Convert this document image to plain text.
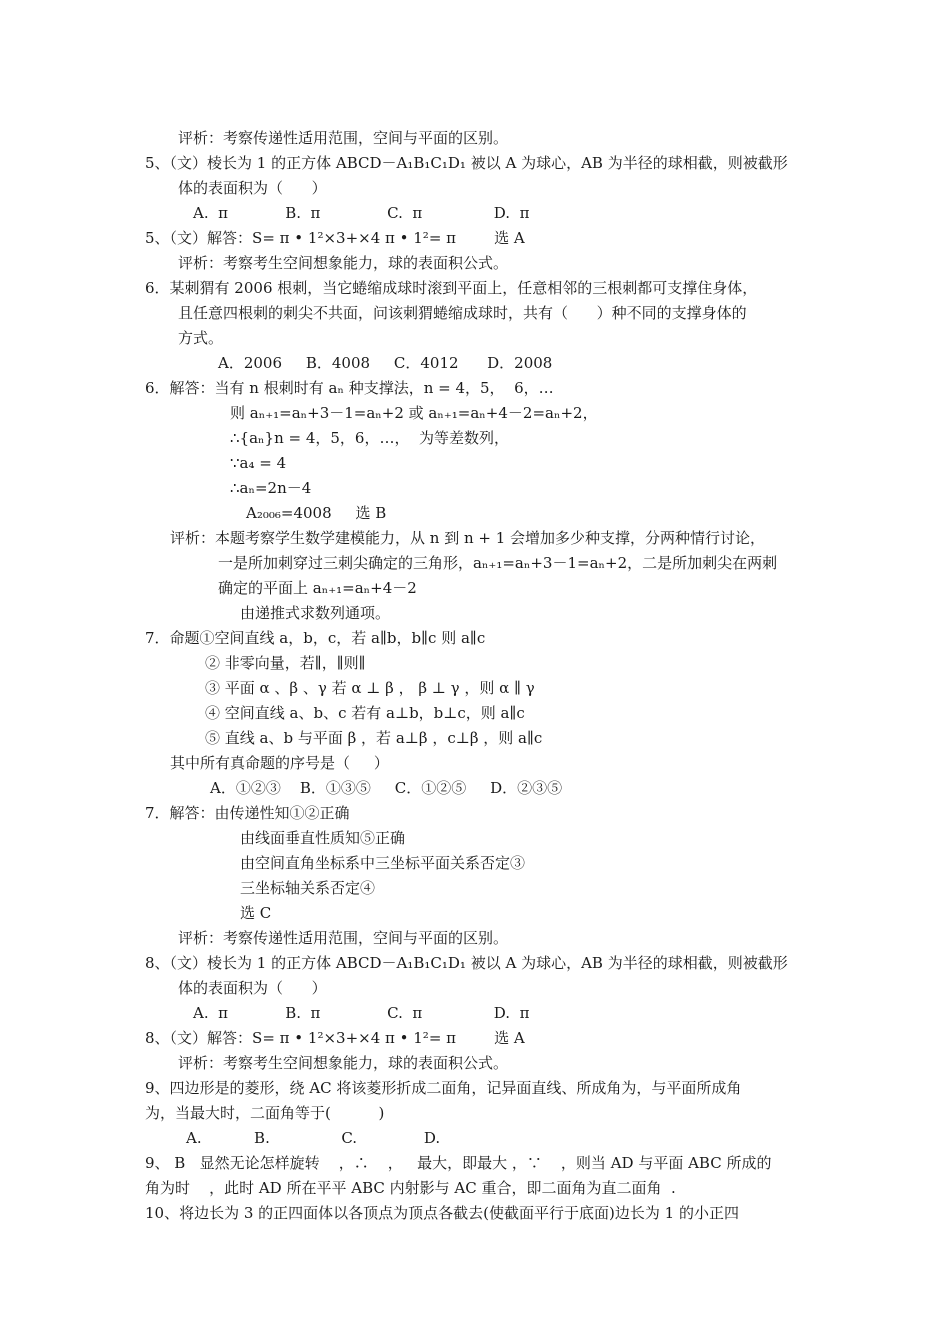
评析：考察传递性适用范围，空间与平面的区别。
5、（文）棱长为 1 的正方体 ABCD－A₁B₁C₁D₁ 被以 A 为球心，AB 为半径的球相截，则被截形
体的表面积为（      ）
A.  π            B.  π              C.  π               D.  π
5、（文）解答：S= π • 1²×3+×4 π • 1²= π        选 A
评析：考察考生空间想象能力，球的表面积公式。
6．某刺猬有 2006 根刺，当它蜷缩成球时滚到平面上，任意相邻的三根刺都可支撑住身体，
且任意四根刺的刺尖不共面，问该刺猬蜷缩成球时，共有（      ）种不同的支撑身体的
方式。
A．2006     B．4008     C．4012      D．2008
6．解答：当有 n 根刺时有 aₙ 种支撑法，n = 4，5，  6，…
则 aₙ₊₁=aₙ+3－1=aₙ+2 或 aₙ₊₁=aₙ+4－2=aₙ+2，
∴{aₙ}n = 4，5，6，…，  为等差数列，
∵a₄ = 4
∴aₙ=2n－4
A₂₀₀₆=4008     选 B
评析：本题考察学生数学建模能力，从 n 到 n + 1 会增加多少种支撑，分两种情行讨论，
一是所加刺穿过三刺尖确定的三角形，aₙ₊₁=aₙ+3－1=aₙ+2，二是所加刺尖在两刺
确定的平面上 aₙ₊₁=aₙ+4－2
由递推式求数列通项。
7．命题①空间直线 a，b，c，若 a∥b，b∥c 则 a∥c
② 非零向量，若∥，∥则∥
③ 平面 α 、β 、γ 若 α ⊥ β ， β ⊥ γ ，则 α ∥ γ
④ 空间直线 a、b、c 若有 a⊥b，b⊥c，则 a∥c
⑤ 直线 a、b 与平面 β ，若 a⊥β ，c⊥β ，则 a∥c
其中所有真命题的序号是（     ）
A．①②③    B．①③⑤     C．①②⑤     D．②③⑤
7．解答：由传递性知①②正确
由线面垂直性质知⑤正确
由空间直角坐标系中三坐标平面关系否定③
三坐标轴关系否定④
选 C
评析：考察传递性适用范围，空间与平面的区别。
8、（文）棱长为 1 的正方体 ABCD－A₁B₁C₁D₁ 被以 A 为球心，AB 为半径的球相截，则被截形
体的表面积为（      ）
A.  π            B.  π              C.  π               D.  π
8、（文）解答：S= π • 1²×3+×4 π • 1²= π        选 A
评析：考察考生空间想象能力，球的表面积公式。
9、四边形是的菱形，绕 AC 将该菱形折成二面角，记异面直线、所成角为，与平面所成角
为，当最大时，二面角等于(          )
A.           B.               C.              D.
9、 B   显然无论怎样旋转    ，∴    ，   最大，即最大 ，∵    ，则当 AD 与平面 ABC 所成的
角为时    ，此时 AD 所在平平 ABC 内射影与 AC 重合，即二面角为直二面角  .
10、将边长为 3 的正四面体以各顶点为顶点各截去(使截面平行于底面)边长为 1 的小正四
